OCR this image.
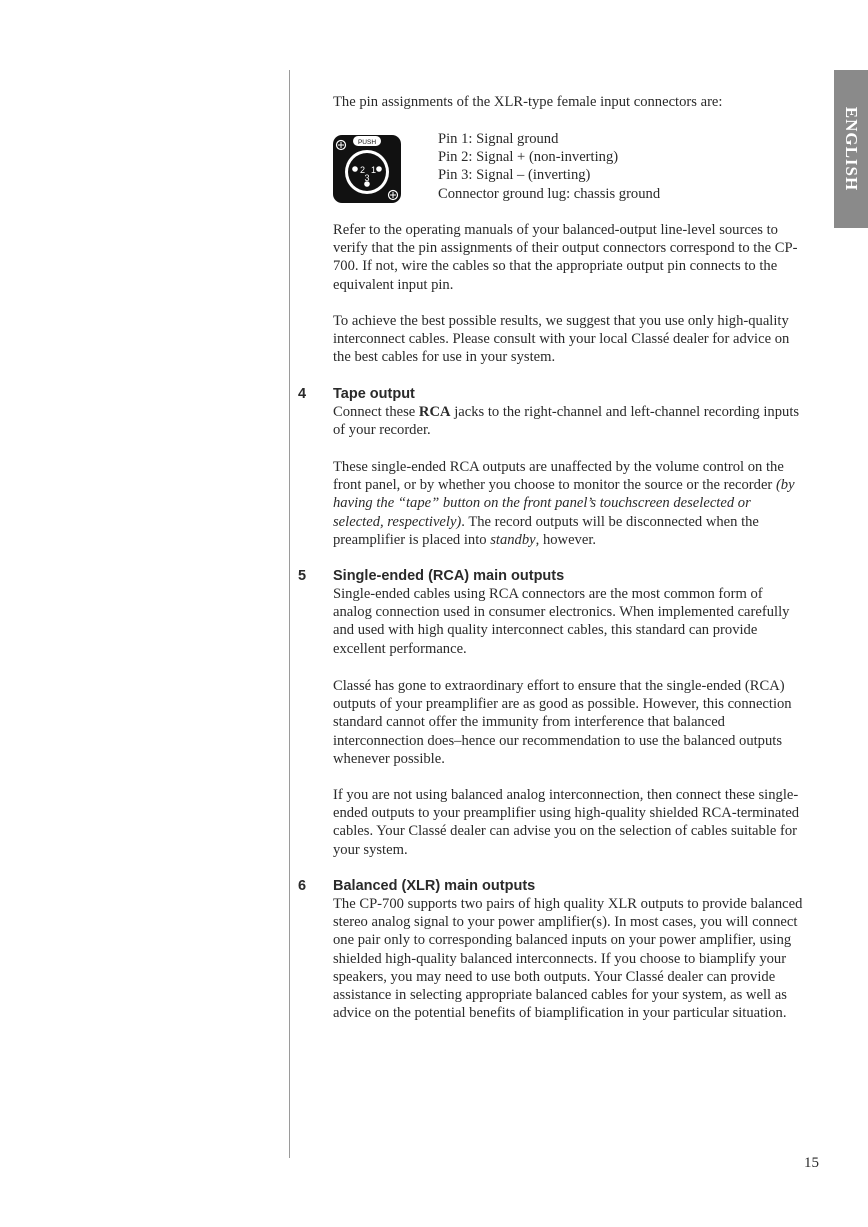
ENGLISH

The pin assignments of the XLR-type female input connectors are:

PUSH
2 1
3
Pin 1: Signal ground
Pin 2: Signal + (non-inverting)
Pin 3: Signal – (inverting)
Connector ground lug: chassis ground

Refer to the operating manuals of your balanced-output line-level sources to verify that the pin assignments of their output connectors correspond to the CP-700. If not, wire the cables so that the appropriate output pin connects to the equivalent input pin.

To achieve the best possible results, we suggest that you use only high-quality interconnect cables. Please consult with your local Classé dealer for advice on the best cables for use in your system.

4 Tape output

Connect these RCA jacks to the right-channel and left-channel recording inputs of your recorder.

These single-ended RCA outputs are unaffected by the volume control on the front panel, or by whether you choose to monitor the source or the recorder (by having the “tape” button on the front panel’s touchscreen deselected or selected, respectively). The record outputs will be disconnected when the preamplifier is placed into standby, however.

5 Single-ended (RCA) main outputs

Single-ended cables using RCA connectors are the most common form of analog connection used in consumer electronics. When implemented carefully and used with high quality interconnect cables, this standard can provide excellent performance.

Classé has gone to extraordinary effort to ensure that the single-ended (RCA) outputs of your preamplifier are as good as possible. However, this connection standard cannot offer the immunity from interference that balanced interconnection does–hence our recommendation to use the balanced outputs whenever possible.

If you are not using balanced analog interconnection, then connect these single-ended outputs to your preamplifier using high-quality shielded RCA-terminated cables. Your Classé dealer can advise you on the selection of cables suitable for your system.

6 Balanced (XLR) main outputs

The CP-700 supports two pairs of high quality XLR outputs to provide balanced stereo analog signal to your power amplifier(s). In most cases, you will connect one pair only to corresponding balanced inputs on your power amplifier, using shielded high-quality balanced interconnects. If you choose to biamplify your speakers, you may need to use both outputs. Your Classé dealer can provide assistance in selecting appropriate balanced cables for your system, as well as advice on the potential benefits of biamplification in your particular situation.

15
